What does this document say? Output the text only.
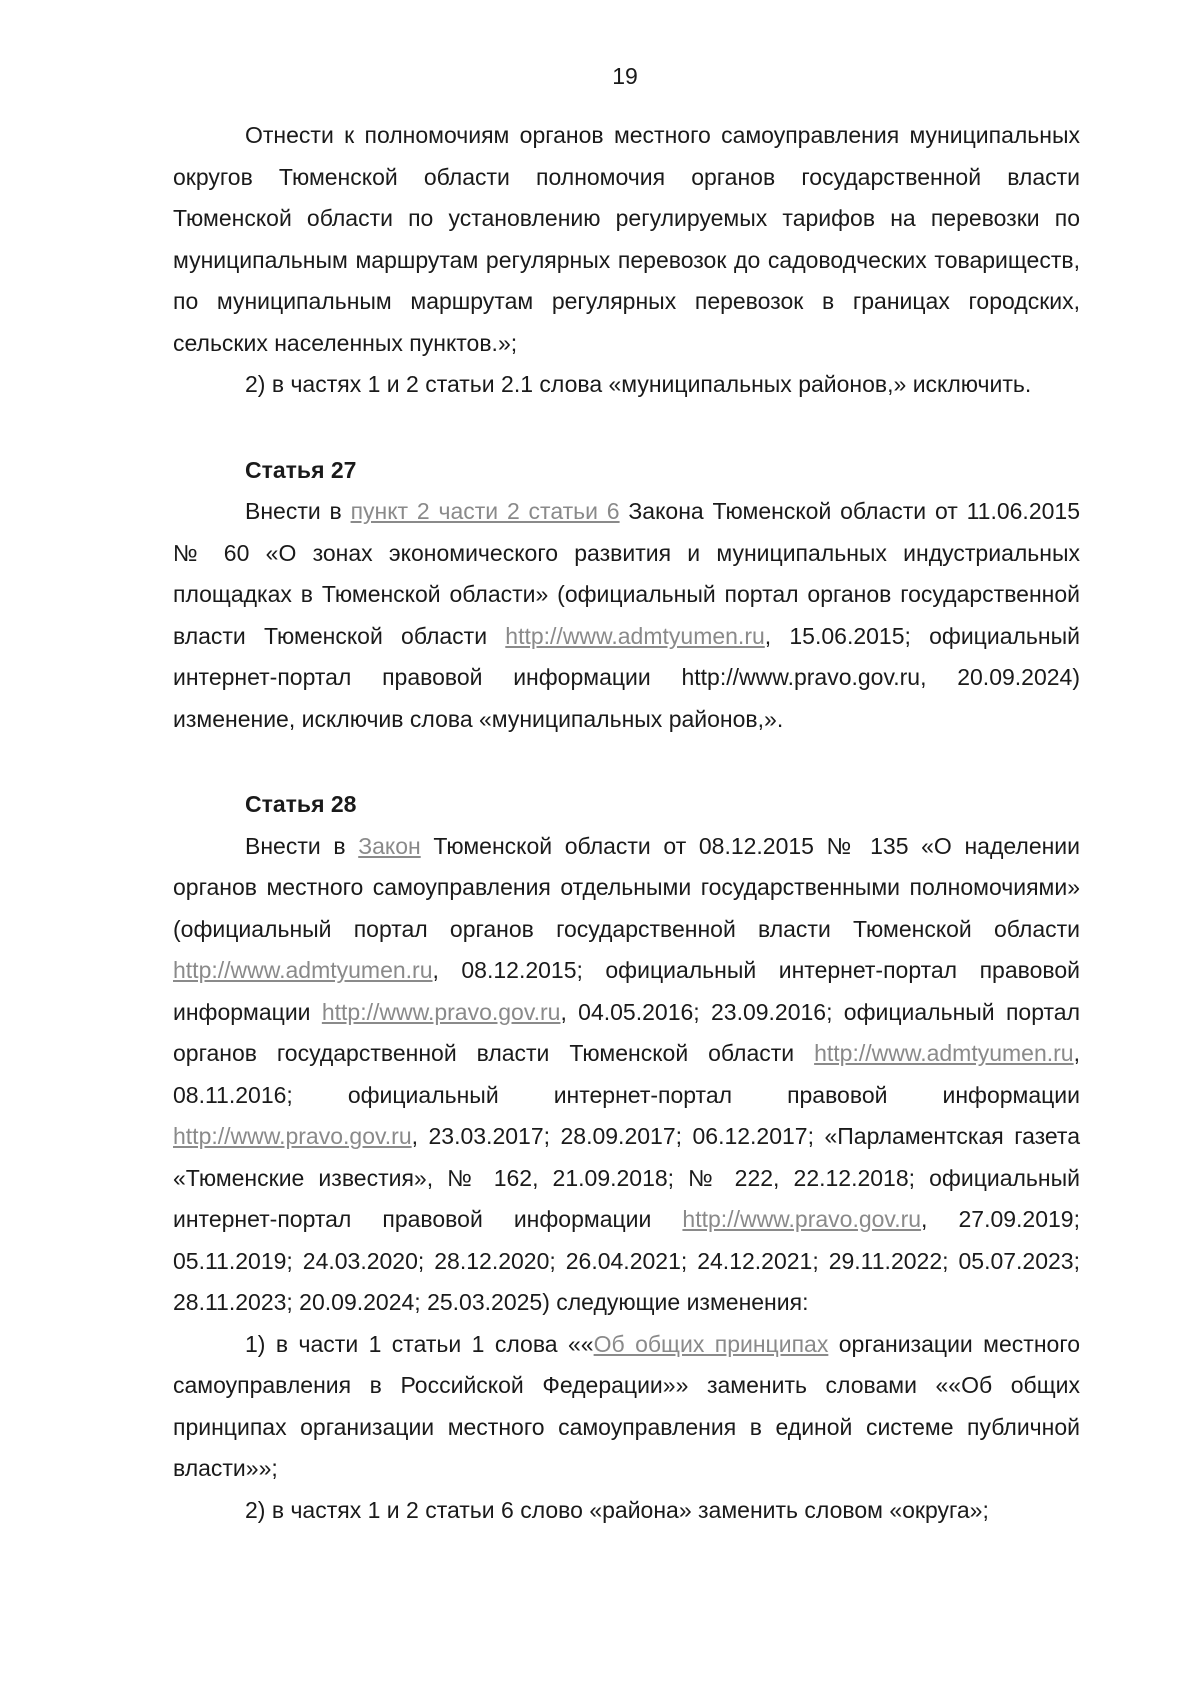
19

Отнести к полномочиям органов местного самоуправления муниципальных округов Тюменской области полномочия органов государственной власти Тюменской области по установлению регулируемых тарифов на перевозки по муниципальным маршрутам регулярных перевозок до садоводческих товариществ, по муниципальным маршрутам регулярных перевозок в границах городских, сельских населенных пунктов.»;

2) в частях 1 и 2 статьи 2.1 слова «муниципальных районов,» исключить.

Статья 27

Внести в пункт 2 части 2 статьи 6 Закона Тюменской области от 11.06.2015 № 60 «О зонах экономического развития и муниципальных индустриальных площадках в Тюменской области» (официальный портал органов государственной власти Тюменской области http://www.admtyumen.ru, 15.06.2015; официальный интернет-портал правовой информации http://www.pravo.gov.ru, 20.09.2024) изменение, исключив слова «муниципальных районов,».

Статья 28

Внести в Закон Тюменской области от 08.12.2015 № 135 «О наделении органов местного самоуправления отдельными государственными полномочиями» (официальный портал органов государственной власти Тюменской области http://www.admtyumen.ru, 08.12.2015; официальный интернет-портал правовой информации http://www.pravo.gov.ru, 04.05.2016; 23.09.2016; официальный портал органов государственной власти Тюменской области http://www.admtyumen.ru, 08.11.2016; официальный интернет-портал правовой информации http://www.pravo.gov.ru, 23.03.2017; 28.09.2017; 06.12.2017; «Парламентская газета «Тюменские известия», № 162, 21.09.2018; № 222, 22.12.2018; официальный интернет-портал правовой информации http://www.pravo.gov.ru, 27.09.2019; 05.11.2019; 24.03.2020; 28.12.2020; 26.04.2021; 24.12.2021; 29.11.2022; 05.07.2023; 28.11.2023; 20.09.2024; 25.03.2025) следующие изменения:

1) в части 1 статьи 1 слова ««Об общих принципах организации местного самоуправления в Российской Федерации»» заменить словами ««Об общих принципах организации местного самоуправления в единой системе публичной власти»»;

2) в частях 1 и 2 статьи 6 слово «района» заменить словом «округа»;
